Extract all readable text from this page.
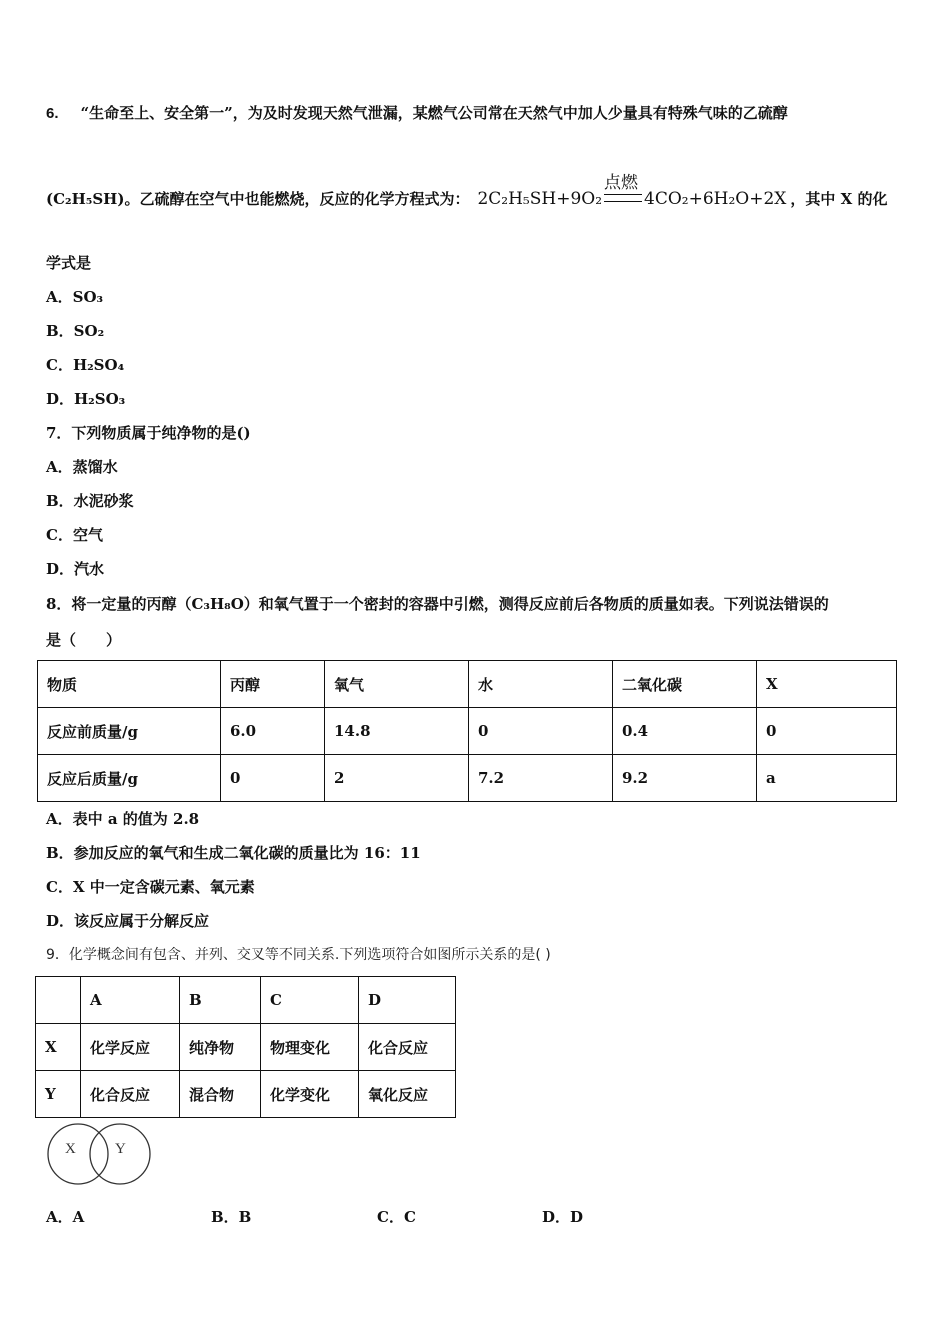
6. “生命至上、安全第一”，为及时发现天然气泄漏，某燃气公司常在天然气中加人少量具有特殊气味的乙硫醇
(C₂H₅SH)。乙硫醇在空气中也能燃烧，反应的化学方程式为： 2C₂H₅SH+9O₂
点燃
4CO₂+6H₂O+2X ，其中 X 的化
学式是
A．SO₃
B．SO₂
C．H₂SO₄
D．H₂SO₃
7．下列物质属于纯净物的是()
A．蒸馏水
B．水泥砂浆
C．空气
D．汽水
8．将一定量的丙醇（C₃H₈O）和氧气置于一个密封的容器中引燃，测得反应前后各物质的质量如表。下列说法错误的
是（　　）
物质	丙醇	氧气	水	二氧化碳	X
反应前质量/g	6.0	14.8	0	0.4	0
反应后质量/g	0	2	7.2	9.2	a
A．表中 a 的值为 2.8
B．参加反应的氧气和生成二氧化碳的质量比为 16：11
C．X 中一定含碳元素、氧元素
D．该反应属于分解反应
9．化学概念间有包含、并列、交叉等不同关系.下列选项符合如图所示关系的是( )
	A	B	C	D
X	化学反应	纯净物	物理变化	化合反应
Y	化合反应	混合物	化学变化	氧化反应
X	Y
A．A	B．B	C．C	D．D
